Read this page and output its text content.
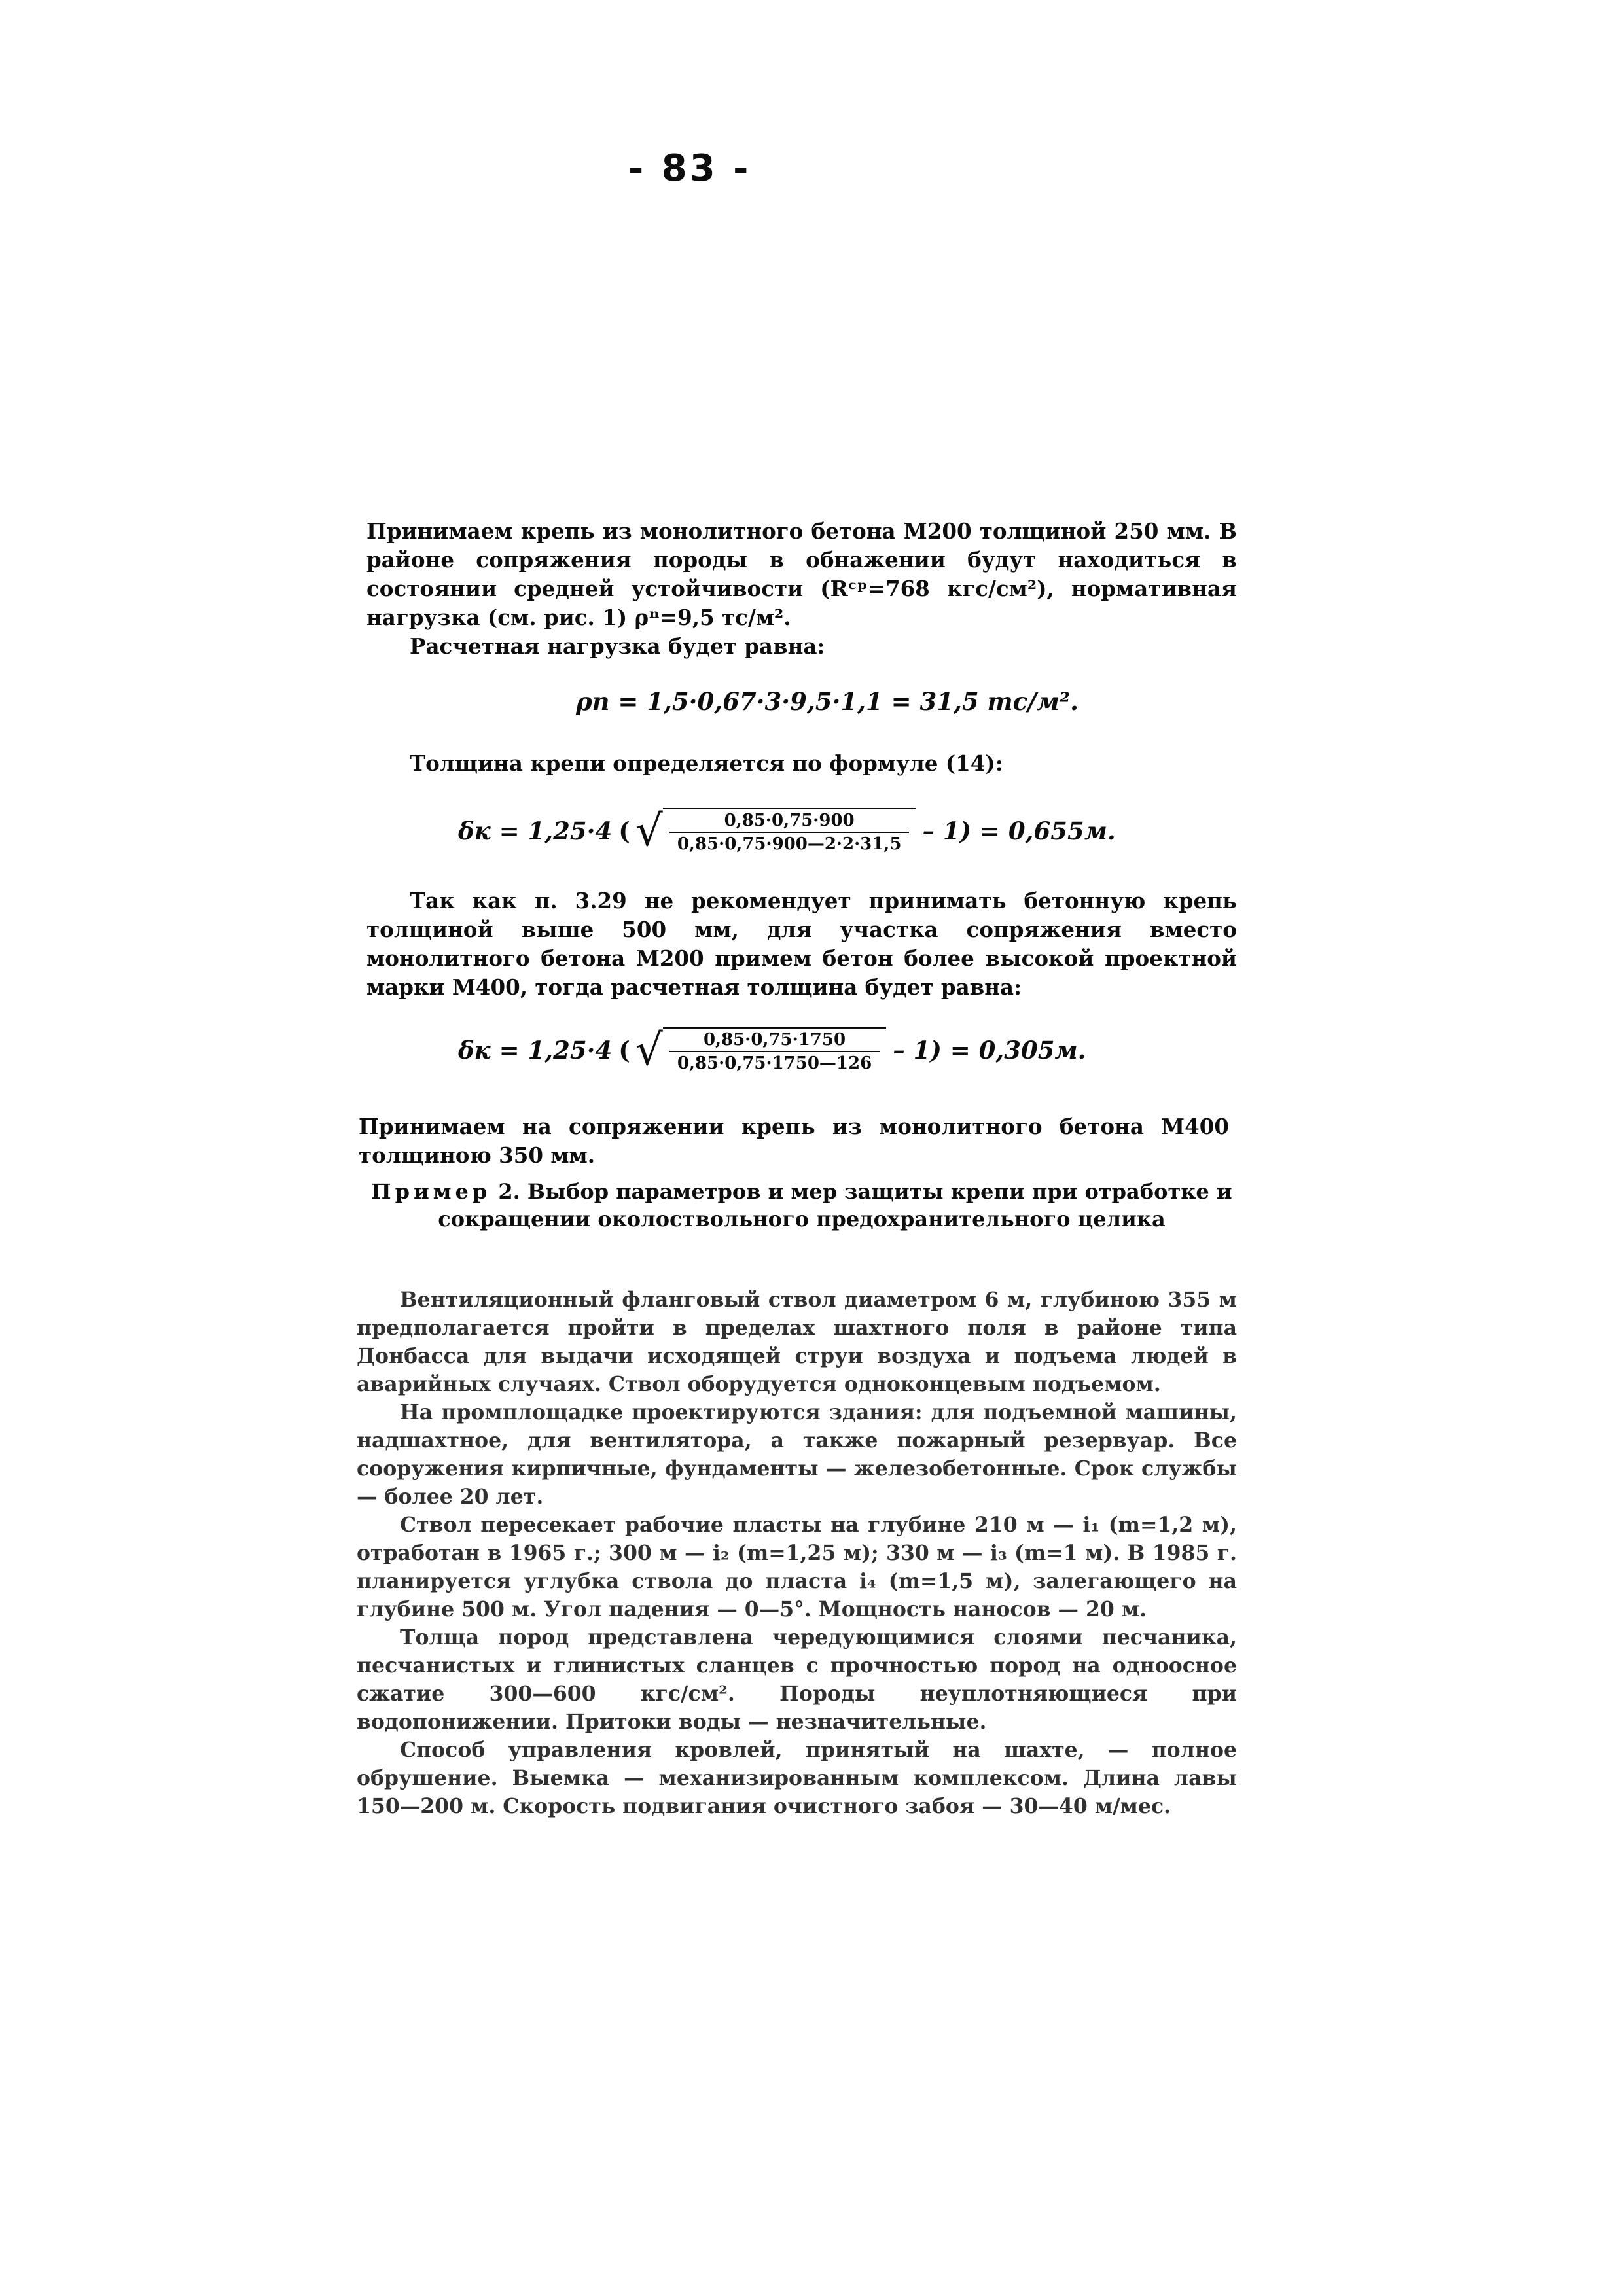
- 83 -

Принимаем крепь из монолитного бетона М200 толщиной 250 мм. В районе сопряжения породы в обнажении будут находиться в состоянии средней устойчивости (Rᶜᵖ=768 кгс/см²), нормативная нагрузка (см. рис. 1) ρⁿ=9,5 тс/м².

Расчетная нагрузка будет равна:

ρп = 1,5·0,67·3·9,5·1,1 = 31,5 тс/м².

Толщина крепи определяется по формуле (14):

δк = 1,25·4 ( √ $\frac{0,85\cdot 0,75\cdot 900}{0,85\cdot 0,75\cdot 900—2\cdot 2\cdot 31,5} - 1) = 0,655м$.

Так как п. 3.29 не рекомендует принимать бетонную крепь толщиной выше 500 мм, для участка сопряжения вместо монолитного бетона М200 примем бетон более высокой проектной марки М400, тогда расчетная толщина будет равна:

δк = 1,25·4 ( √ $\frac{0,85\cdot 0,75\cdot 1750}{0,85\cdot 0,75\cdot 1750—126} - 1) = 0,305м$.

Принимаем на сопряжении крепь из монолитного бетона М400 толщиною 350 мм.

Пример 2. Выбор параметров и мер защиты крепи при отработке и сокращении околоствольного предохранительного целика

Вентиляционный фланговый ствол диаметром 6 м, глубиною 355 м предполагается пройти в пределах шахтного поля в районе типа Донбасса для выдачи исходящей струи воздуха и подъема людей в аварийных случаях. Ствол оборудуется одноконцевым подъемом.

На промплощадке проектируются здания: для подъемной машины, надшахтное, для вентилятора, а также пожарный резервуар. Все сооружения кирпичные, фундаменты — железобетонные. Срок службы — более 20 лет.

Ствол пересекает рабочие пласты на глубине 210 м — i₁ (m=1,2 м), отработан в 1965 г.; 300 м — i₂ (m=1,25 м); 330 м — i₃ (m=1 м). В 1985 г. планируется углубка ствола до пласта i₄ (m=1,5 м), залегающего на глубине 500 м. Угол падения — 0—5°. Мощность наносов — 20 м.

Толща пород представлена чередующимися слоями песчаника, песчанистых и глинистых сланцев с прочностью пород на одноосное сжатие 300—600 кгс/см². Породы неуплотняющиеся при водопонижении. Притоки воды — незначительные.

Способ управления кровлей, принятый на шахте, — полное обрушение. Выемка — механизированным комплексом. Длина лавы 150—200 м. Скорость подвигания очистного забоя — 30—40 м/мес.
